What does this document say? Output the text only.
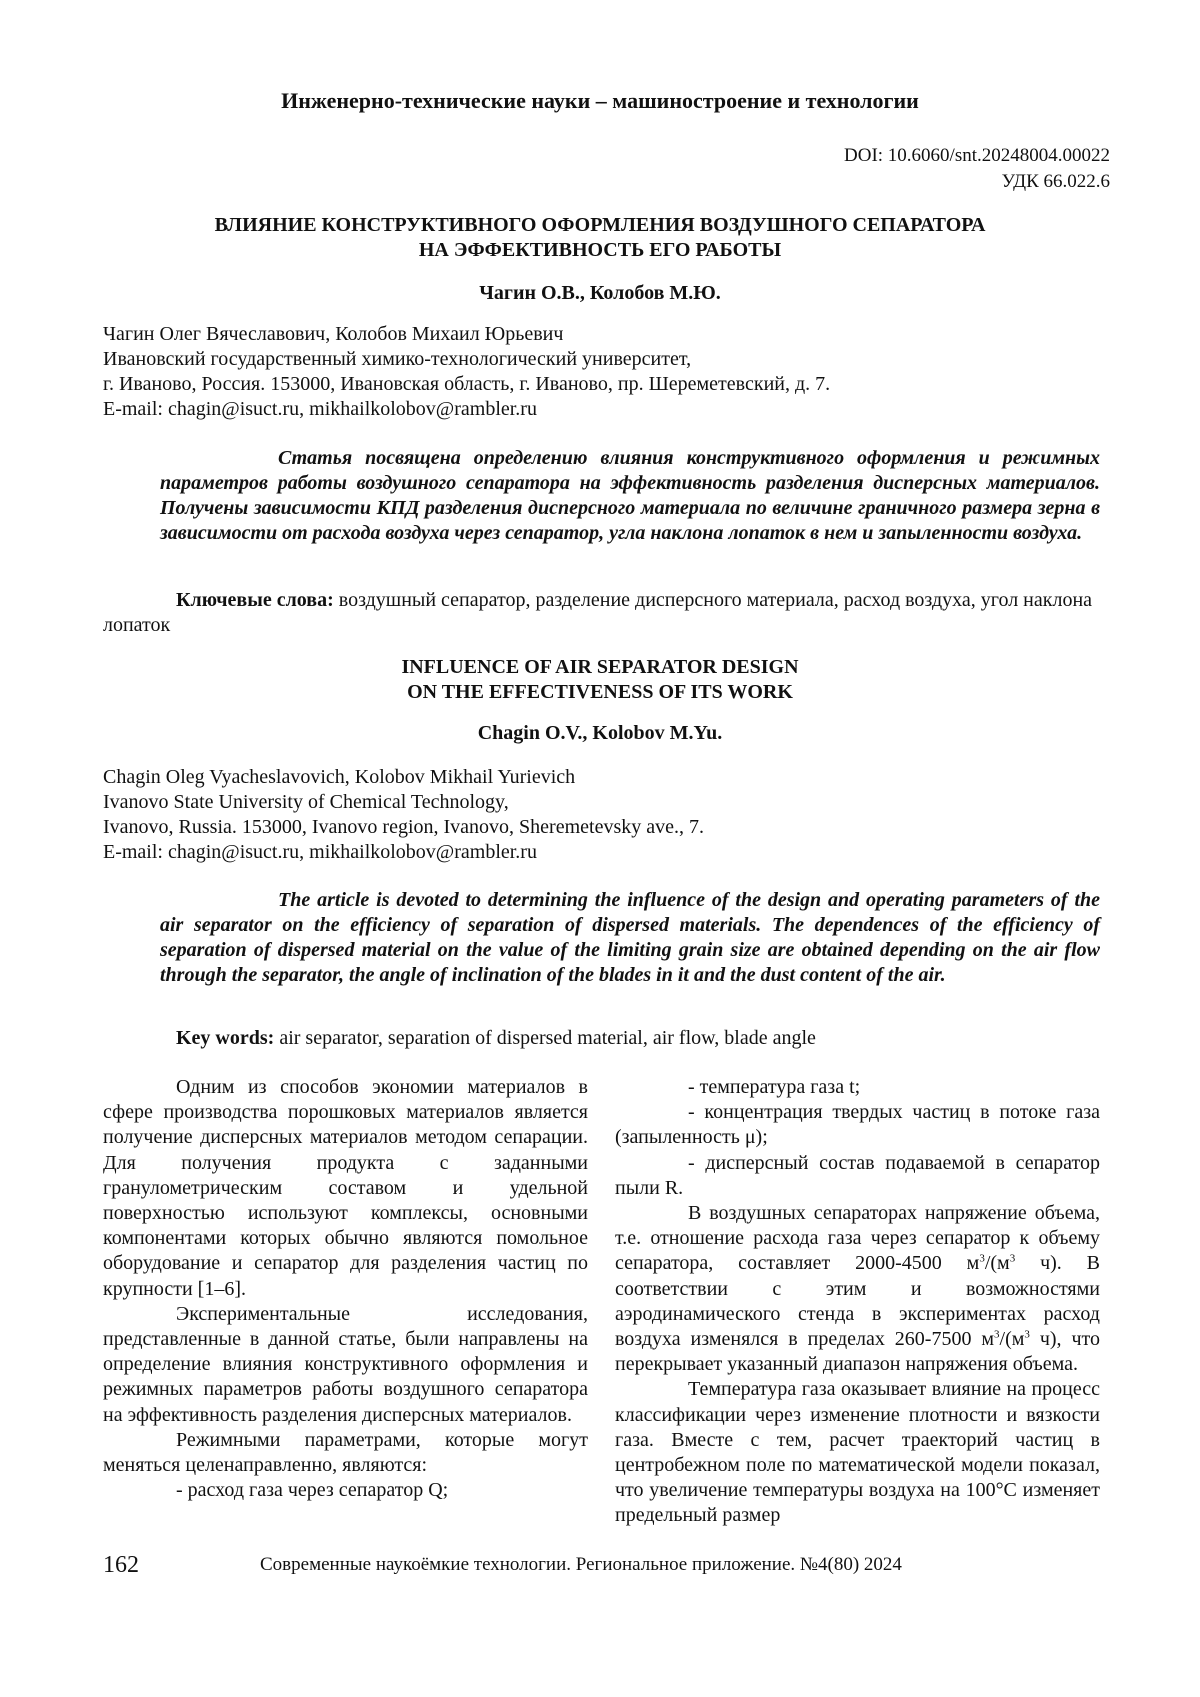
Инженерно-технические науки – машиностроение и технологии
DOI: 10.6060/snt.20248004.00022
УДК 66.022.6
ВЛИЯНИЕ КОНСТРУКТИВНОГО ОФОРМЛЕНИЯ ВОЗДУШНОГО СЕПАРАТОРА
НА ЭФФЕКТИВНОСТЬ ЕГО РАБОТЫ
Чагин О.В., Колобов М.Ю.
Чагин Олег Вячеславович, Колобов Михаил Юрьевич
Ивановский государственный химико-технологический университет,
г. Иваново, Россия. 153000, Ивановская область, г. Иваново, пр. Шереметевский, д. 7.
E-mail: chagin@isuct.ru, mikhailkolobov@rambler.ru
Статья посвящена определению влияния конструктивного оформления и режимных параметров работы воздушного сепаратора на эффективность разделения дисперсных материалов. Получены зависимости КПД разделения дисперсного материала по величине граничного размера зерна в зависимости от расхода воздуха через сепаратор, угла наклона лопаток в нем и запыленности воздуха.
Ключевые слова: воздушный сепаратор, разделение дисперсного материала, расход воздуха, угол наклона лопаток
INFLUENCE OF AIR SEPARATOR DESIGN
ON THE EFFECTIVENESS OF ITS WORK
Chagin O.V., Kolobov M.Yu.
Chagin Oleg Vyacheslavovich, Kolobov Mikhail Yurievich
Ivanovo State University of Chemical Technology,
Ivanovo, Russia. 153000, Ivanovo region, Ivanovo, Sheremetevsky ave., 7.
E-mail: chagin@isuct.ru, mikhailkolobov@rambler.ru
The article is devoted to determining the influence of the design and operating parameters of the air separator on the efficiency of separation of dispersed materials. The dependences of the efficiency of separation of dispersed material on the value of the limiting grain size are obtained depending on the air flow through the separator, the angle of inclination of the blades in it and the dust content of the air.
Key words: air separator, separation of dispersed material, air flow, blade angle

Одним из способов экономии материалов в сфере производства порошковых материалов является получение дисперсных материалов методом сепарации. Для получения продукта с заданными гранулометрическим составом и удельной поверхностью используют комплексы, основными компонентами которых обычно являются помольное оборудование и сепаратор для разделения частиц по крупности [1–6].

Экспериментальные исследования, представленные в данной статье, были направлены на определение влияния конструктивного оформления и режимных параметров работы воздушного сепаратора на эффективность разделения дисперсных материалов.

Режимными параметрами, которые могут меняться целенаправленно, являются:

- расход газа через сепаратор Q;

- температура газа t;

- концентрация твердых частиц в потоке газа (запыленность μ);

- дисперсный состав подаваемой в сепаратор пыли R.

В воздушных сепараторах напряжение объема, т.е. отношение расхода газа через сепаратор к объему сепаратора, составляет 2000-4500 $м^3/(м^3$ ч). В соответствии с этим и возможностями аэродинамического стенда в экспериментах расход воздуха изменялся в пределах 260-7500 $м^3/(м^3$ ч), что перекрывает указанный диапазон напряжения объема.

Температура газа оказывает влияние на процесс классификации через изменение плотности и вязкости газа. Вместе с тем, расчет траекторий частиц в центробежном поле по математической модели показал, что увеличение температуры воздуха на 100°С изменяет предельный размер

162	Современные наукоёмкие технологии. Региональное приложение. №4(80) 2024
